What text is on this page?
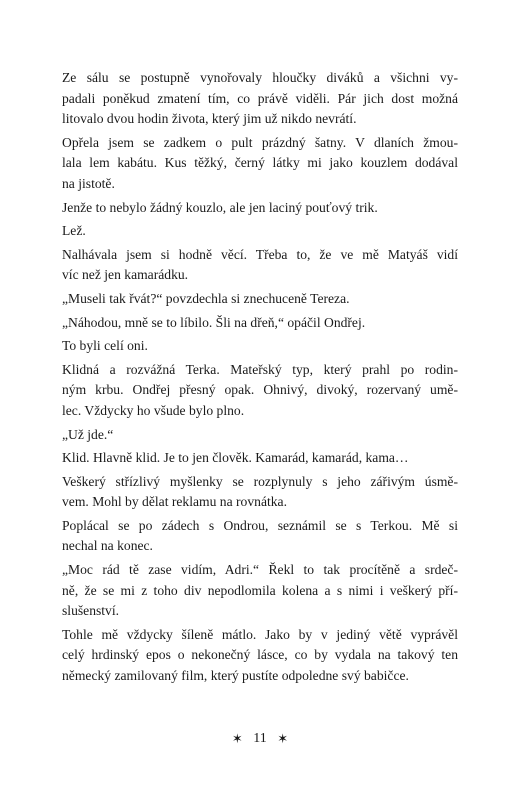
Ze sálu se postupně vynořovaly hloučky diváků a všichni vy-
padali poněkud zmatení tím, co právě viděli. Pár jich dost možná
litovalo dvou hodin života, který jim už nikdo nevrátí.

Opřela jsem se zadkem o pult prázdný šatny. V dlaních žmou-
lala lem kabátu. Kus těžký, černý látky mi jako kouzlem dodával
na jistotě.

Jenže to nebylo žádný kouzlo, ale jen laciný pouťový trik.

Lež.

Nalhávala jsem si hodně věcí. Třeba to, že ve mě Matyáš vidí
víc než jen kamarádku.

„Museli tak řvát?“ povzdechla si znechuceně Tereza.

„Náhodou, mně se to líbilo. Šli na dřeň,“ opáčil Ondřej.

To byli celí oni.

Klidná a rozvážná Terka. Mateřský typ, který prahl po rodin-
ným krbu. Ondřej přesný opak. Ohnivý, divoký, rozervaný umě-
lec. Vždycky ho všude bylo plno.

„Už jde.“

Klid. Hlavně klid. Je to jen člověk. Kamarád, kamarád, kama…

Veškerý střízlivý myšlenky se rozplynuly s jeho zářivým úsmě-
vem. Mohl by dělat reklamu na rovnátka.

Poplácal se po zádech s Ondrou, seznámil se s Terkou. Mě si
nechal na konec.

„Moc rád tě zase vidím, Adri.“ Řekl to tak procítěně a srdeč-
ně, že se mi z toho div nepodlomila kolena a s nimi i veškerý pří-
slušenství.

Tohle mě vždycky šíleně mátlo. Jako by v jediný větě vyprávěl
celý hrdinský epos o nekonečný lásce, co by vydala na takový ten
německý zamilovaný film, který pustíte odpoledne svý babičce.

✶ 11 ✶
